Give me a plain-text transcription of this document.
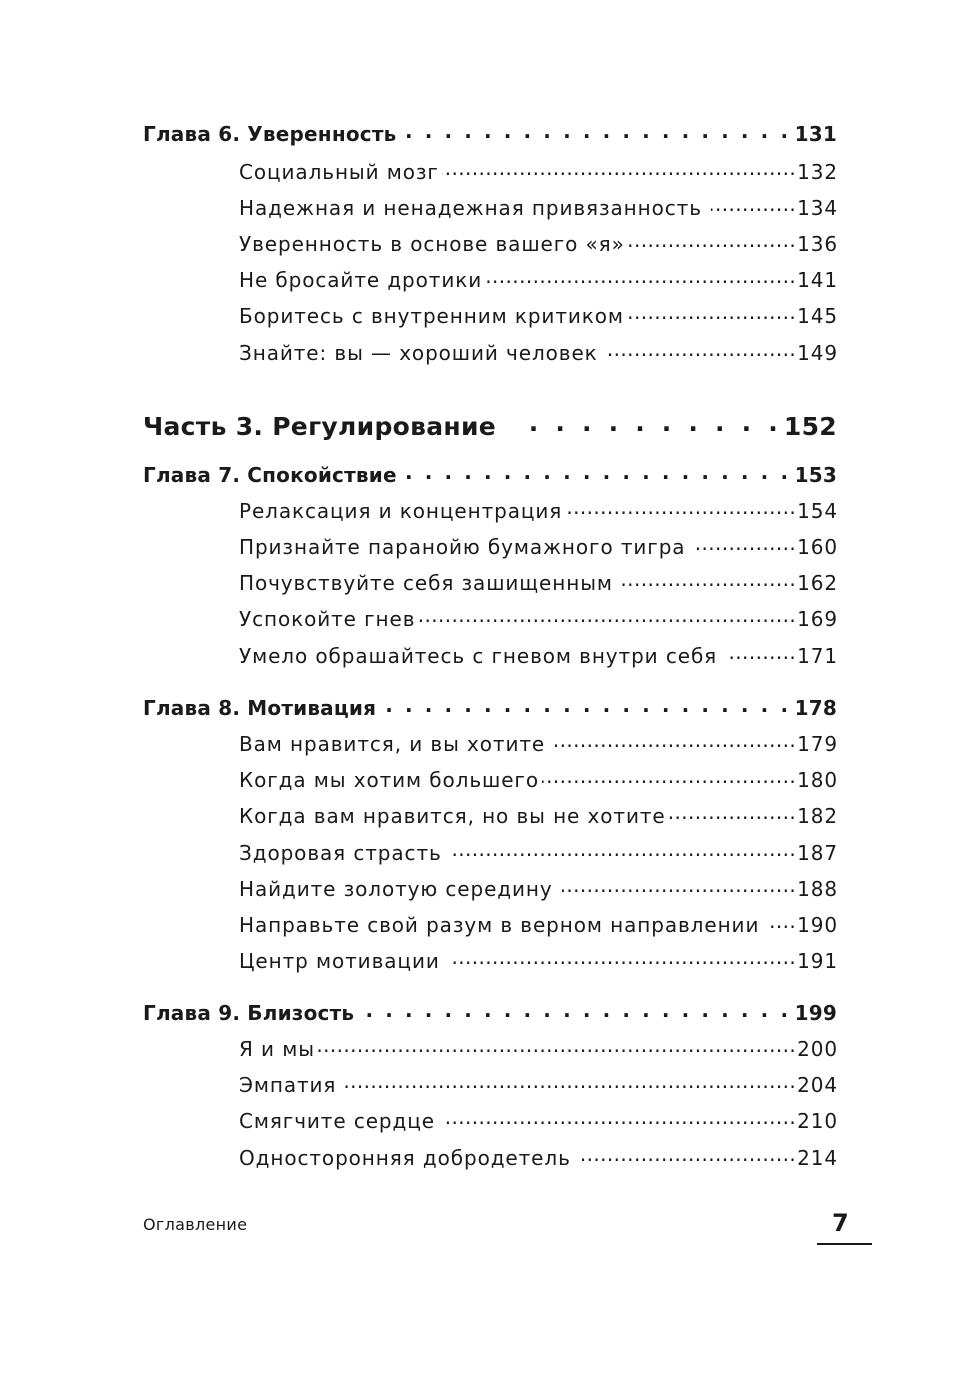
Глава 6. Уверенность . . .	131
Социальный мозг .....	132
Надежная и ненадежная привязанность .....	134
Уверенность в основе вашего «я» .....	136
Не бросайте дротики .....	141
Боритесь с внутренним критиком .....	145
Знайте: вы — хороший человек .....	149
Часть 3. Регулирование . . .	152
Глава 7. Спокойствие . . .	153
Релаксация и концентрация .....	154
Признайте паранойю бумажного тигра .....	160
Почувствуйте себя зашищенным .....	162
Успокойте гнев .....	169
Умело обрашайтесь с гневом внутри себя .....	171
Глава 8. Мотивация . . .	178
Вам нравится, и вы хотите .....	179
Когда мы хотим большего .....	180
Когда вам нравится, но вы не хотите .....	182
Здоровая страсть .....	187
Найдите золотую середину .....	188
Направьте свой разум в верном направлении ..... 190
Центр мотивации .....	191
Глава 9. Близость . . .	199
Я и мы .....	200
Эмпатия .....	204
Смягчите сердце .....	210
Односторонняя добродетель .....	214
Оглавление	7
